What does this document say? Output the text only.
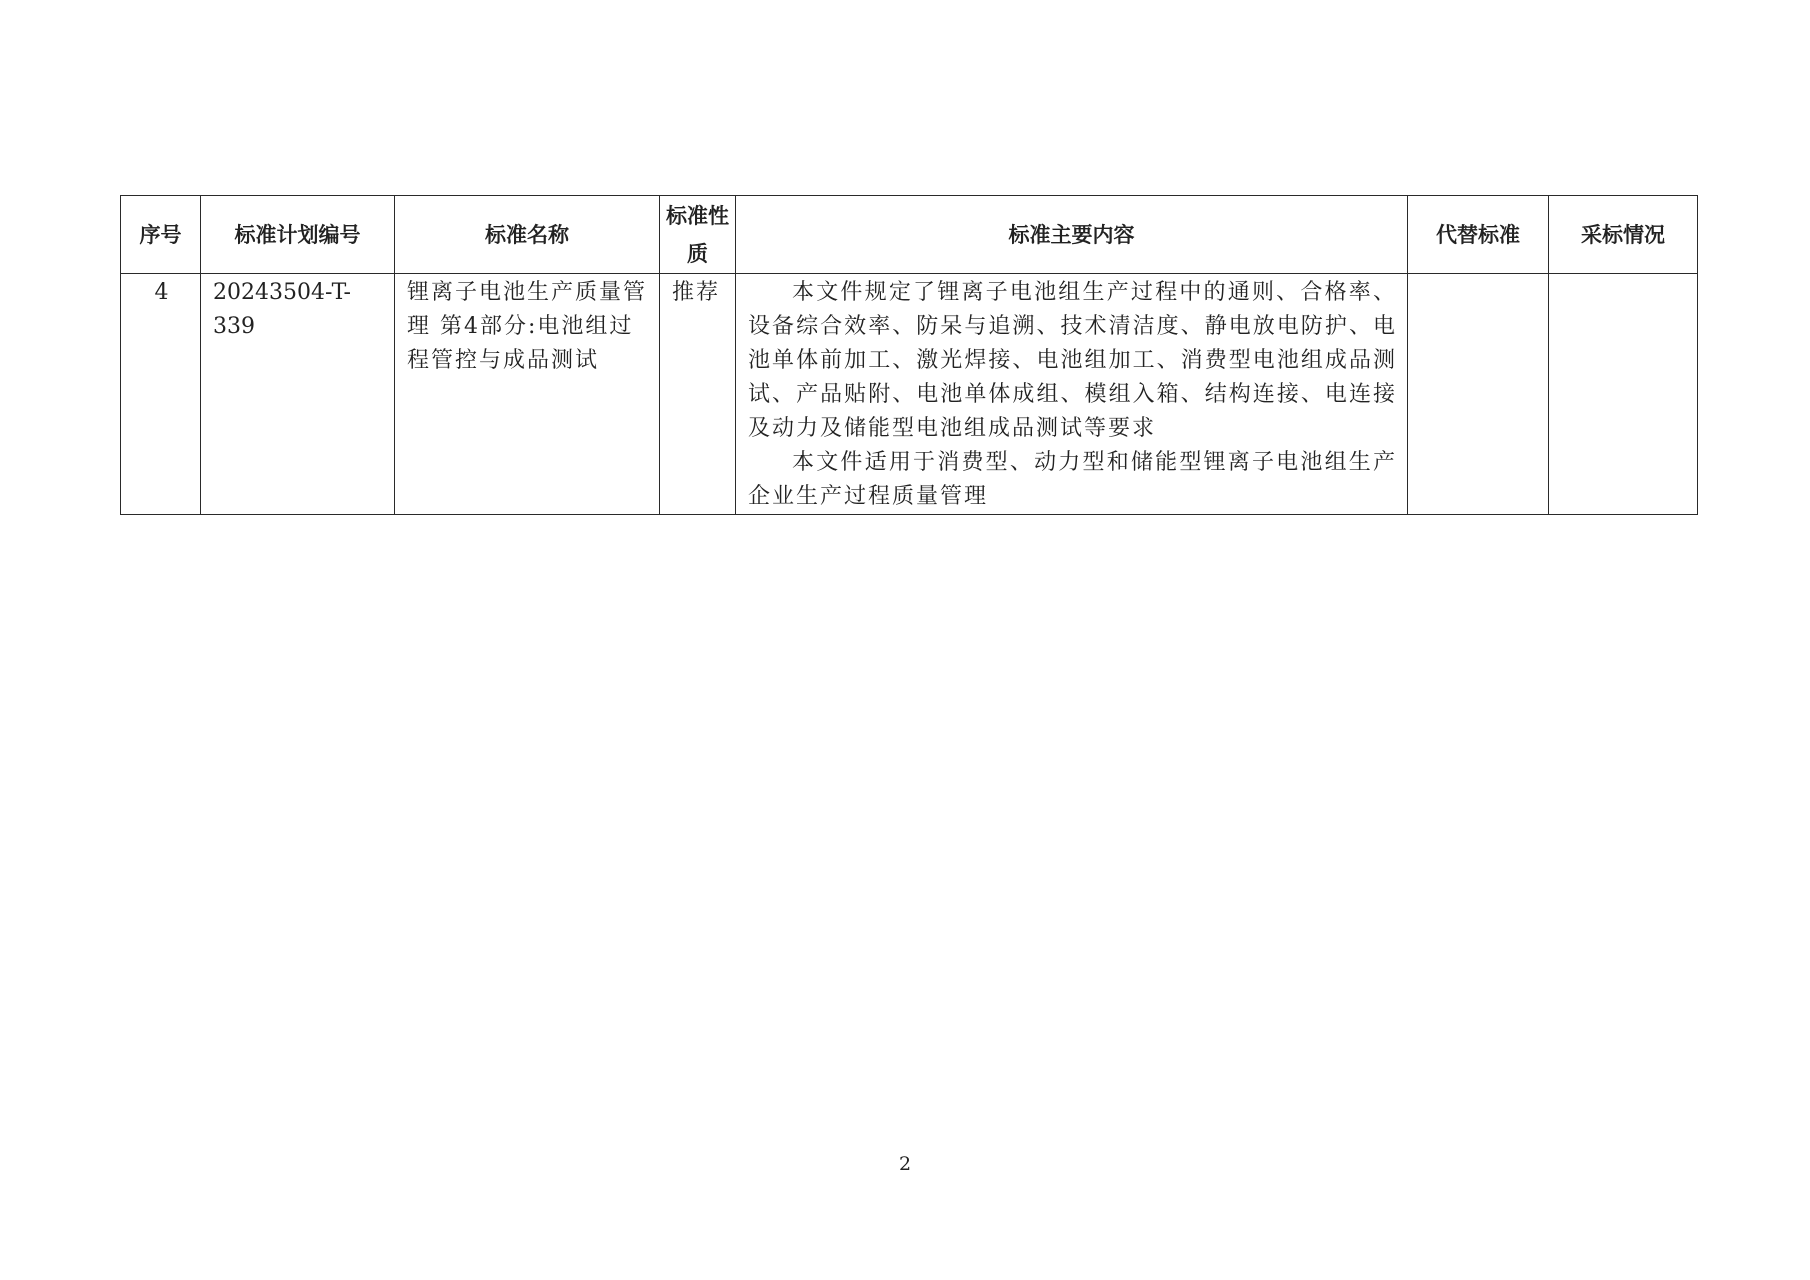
序号	标准计划编号	标准名称	标准性质	标准主要内容	代替标准	采标情况
4	20243504-T-339	锂离子电池生产质量管理 第4部分:电池组过程管控与成品测试	推荐	本文件规定了锂离子电池组生产过程中的通则、合格率、设备综合效率、防呆与追溯、技术清洁度、静电放电防护、电池单体前加工、激光焊接、电池组加工、消费型电池组成品测试、产品贴附、电池单体成组、模组入箱、结构连接、电连接及动力及储能型电池组成品测试等要求

本文件适用于消费型、动力型和储能型锂离子电池组生产企业生产过程质量管理		

2
